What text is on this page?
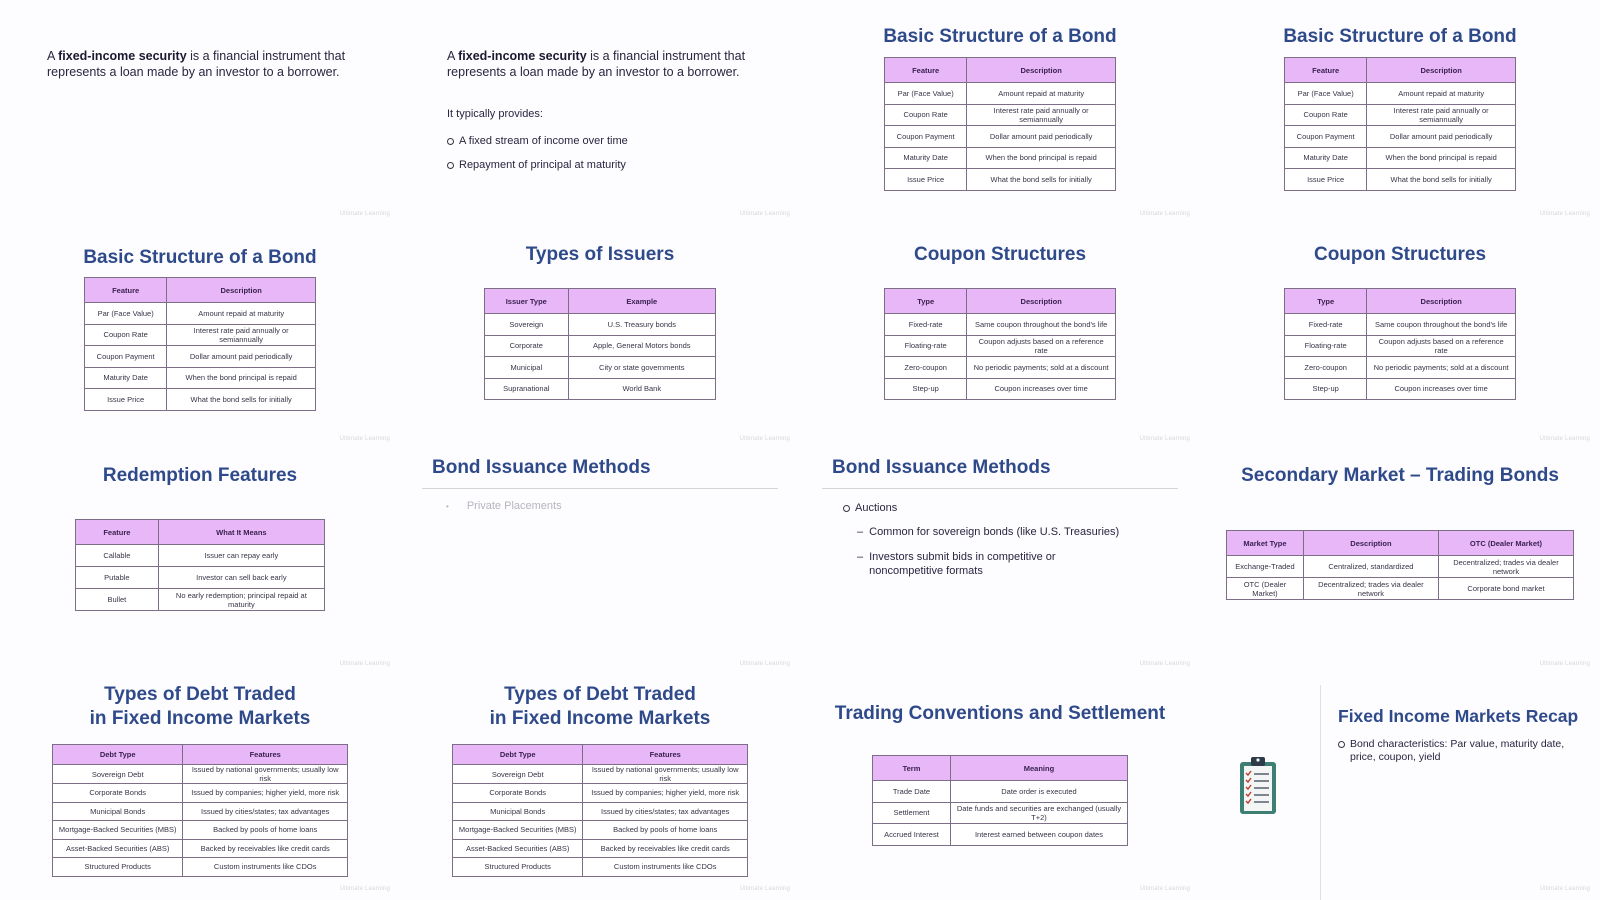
A fixed-income security is a financial instrument that represents a loan made by an investor to a borrower.

Ultimate Learning

A fixed-income security is a financial instrument that represents a loan made by an investor to a borrower.

It typically provides:
A fixed stream of income over time
Repayment of principal at maturity
Ultimate Learning
Basic Structure of a Bond
Feature	Description
Par (Face Value)	Amount repaid at maturity
Coupon Rate	Interest rate paid annually or semiannually
Coupon Payment	Dollar amount paid periodically
Maturity Date	When the bond principal is repaid
Issue Price	What the bond sells for initially
Ultimate Learning
Basic Structure of a Bond
Feature	Description
Par (Face Value)	Amount repaid at maturity
Coupon Rate	Interest rate paid annually or semiannually
Coupon Payment	Dollar amount paid periodically
Maturity Date	When the bond principal is repaid
Issue Price	What the bond sells for initially
Ultimate Learning
Basic Structure of a Bond
Feature	Description
Par (Face Value)	Amount repaid at maturity
Coupon Rate	Interest rate paid annually or semiannually
Coupon Payment	Dollar amount paid periodically
Maturity Date	When the bond principal is repaid
Issue Price	What the bond sells for initially
Ultimate Learning
Types of Issuers
Issuer Type	Example
Sovereign	U.S. Treasury bonds
Corporate	Apple, General Motors bonds
Municipal	City or state governments
Supranational	World Bank
Ultimate Learning
Coupon Structures
Type	Description
Fixed-rate	Same coupon throughout the bond's life
Floating-rate	Coupon adjusts based on a reference rate
Zero-coupon	No periodic payments; sold at a discount
Step-up	Coupon increases over time
Ultimate Learning
Coupon Structures
Type	Description
Fixed-rate	Same coupon throughout the bond's life
Floating-rate	Coupon adjusts based on a reference rate
Zero-coupon	No periodic payments; sold at a discount
Step-up	Coupon increases over time
Ultimate Learning
Redemption Features
Feature	What It Means
Callable	Issuer can repay early
Putable	Investor can sell back early
Bullet	No early redemption; principal repaid at maturity
Ultimate Learning
Bond Issuance Methods
• Private Placements
Ultimate Learning
Bond Issuance Methods
Auctions
– Common for sovereign bonds (like U.S. Treasuries)
– Investors submit bids in competitive or noncompetitive formats
Ultimate Learning
Secondary Market – Trading Bonds
Market Type	Description	OTC (Dealer Market)
Exchange-Traded	Centralized, standardized	Decentralized; trades via dealer network
OTC (Dealer Market)	Decentralized; trades via dealer network	Corporate bond market
Ultimate Learning
Types of Debt Traded
in Fixed Income Markets
Debt Type	Features
Sovereign Debt	Issued by national governments; usually low risk
Corporate Bonds	Issued by companies; higher yield, more risk
Municipal Bonds	Issued by cities/states; tax advantages
Mortgage-Backed Securities (MBS)	Backed by pools of home loans
Asset-Backed Securities (ABS)	Backed by receivables like credit cards
Structured Products	Custom instruments like CDOs
Ultimate Learning
Types of Debt Traded
in Fixed Income Markets
Debt Type	Features
Sovereign Debt	Issued by national governments; usually low risk
Corporate Bonds	Issued by companies; higher yield, more risk
Municipal Bonds	Issued by cities/states; tax advantages
Mortgage-Backed Securities (MBS)	Backed by pools of home loans
Asset-Backed Securities (ABS)	Backed by receivables like credit cards
Structured Products	Custom instruments like CDOs
Ultimate Learning
Trading Conventions and Settlement
Term	Meaning
Trade Date	Date order is executed
Settlement	Date funds and securities are exchanged (usually T+2)
Accrued Interest	Interest earned between coupon dates
Ultimate Learning
Fixed Income Markets Recap
Bond characteristics: Par value, maturity date, price, coupon, yield
Ultimate Learning
